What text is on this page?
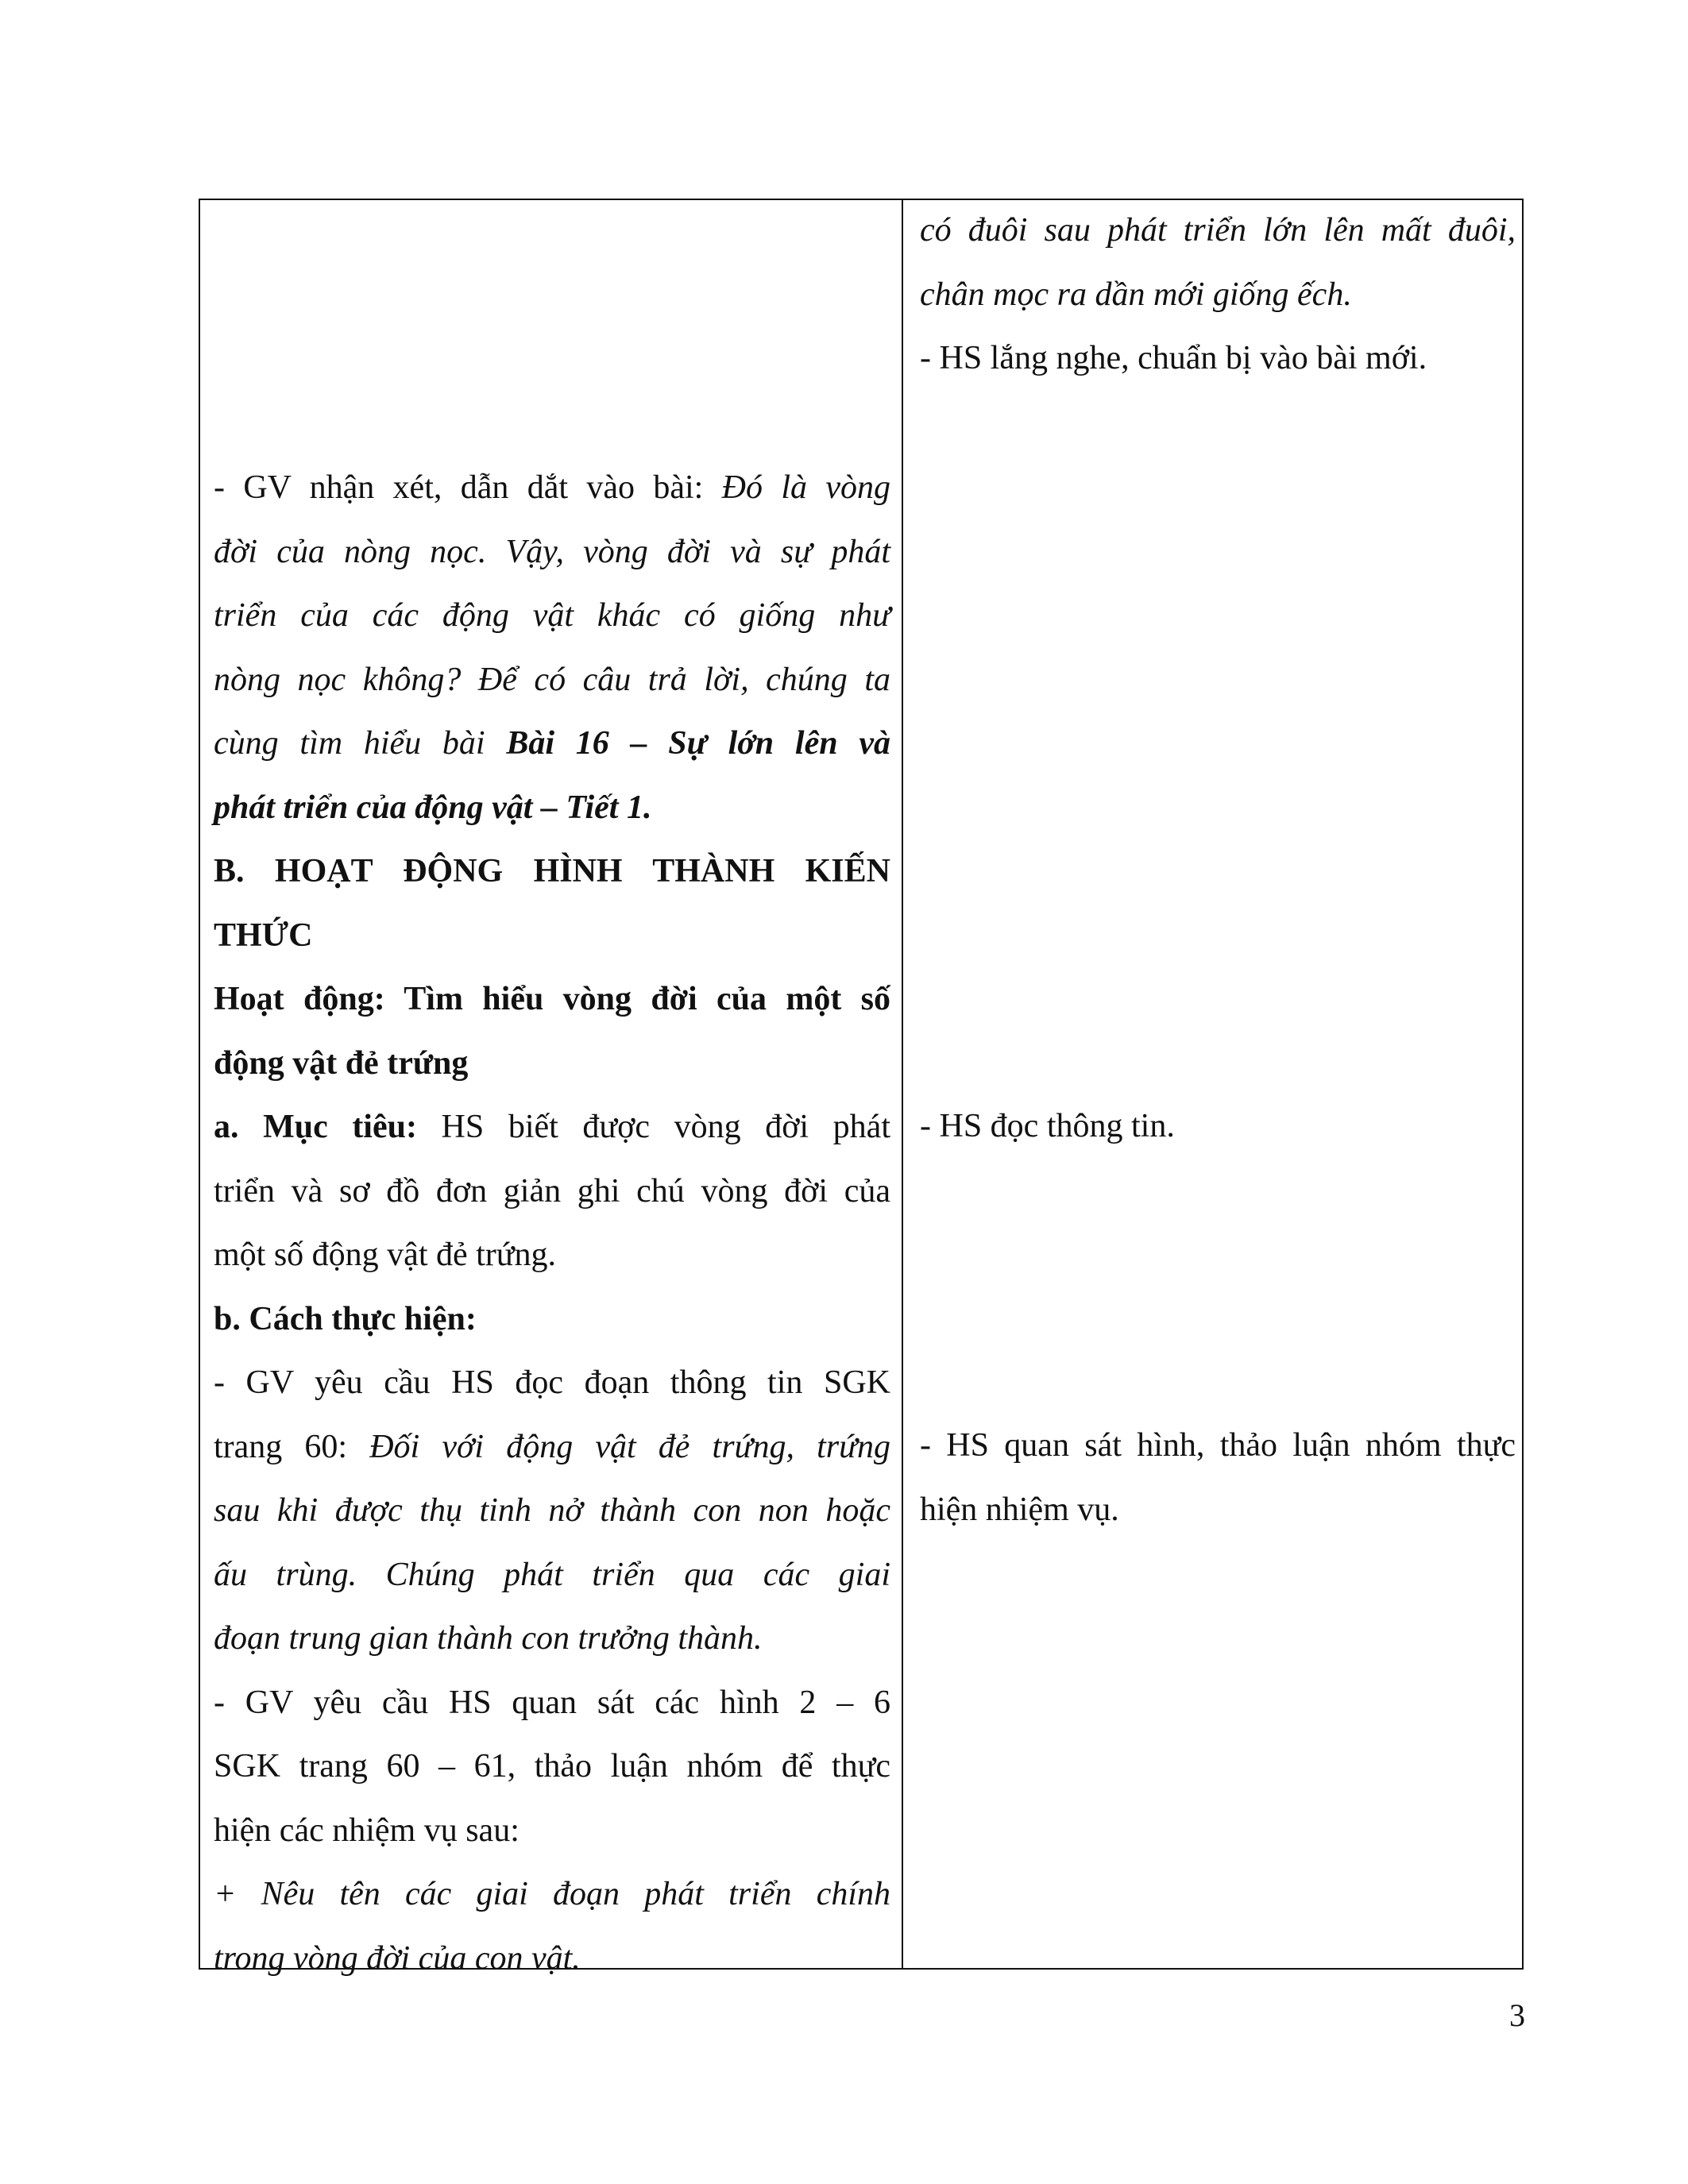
- GV nhận xét, dẫn dắt vào bài: Đó là vòng
đời của nòng nọc. Vậy, vòng đời và sự phát
triển của các động vật khác có giống như
nòng nọc không? Để có câu trả lời, chúng ta
cùng tìm hiểu bài Bài 16 – Sự lớn lên và
phát triển của động vật – Tiết 1.
B. HOẠT ĐỘNG HÌNH THÀNH KIẾN
THỨC
Hoạt động: Tìm hiểu vòng đời của một số
động vật đẻ trứng
a. Mục tiêu: HS biết được vòng đời phát
triển và sơ đồ đơn giản ghi chú vòng đời của
một số động vật đẻ trứng.
b. Cách thực hiện:
- GV yêu cầu HS đọc đoạn thông tin SGK
trang 60: Đối với động vật đẻ trứng, trứng
sau khi được thụ tinh nở thành con non hoặc
ấu trùng. Chúng phát triển qua các giai
đoạn trung gian thành con trưởng thành.
- GV yêu cầu HS quan sát các hình 2 – 6
SGK trang 60 – 61, thảo luận nhóm để thực
hiện các nhiệm vụ sau:
+ Nêu tên các giai đoạn phát triển chính
trong vòng đời của con vật.
có đuôi sau phát triển lớn lên mất đuôi,
chân mọc ra dần mới giống ếch.
- HS lắng nghe, chuẩn bị vào bài mới.
- HS đọc thông tin.
- HS quan sát hình, thảo luận nhóm thực
hiện nhiệm vụ.
3
